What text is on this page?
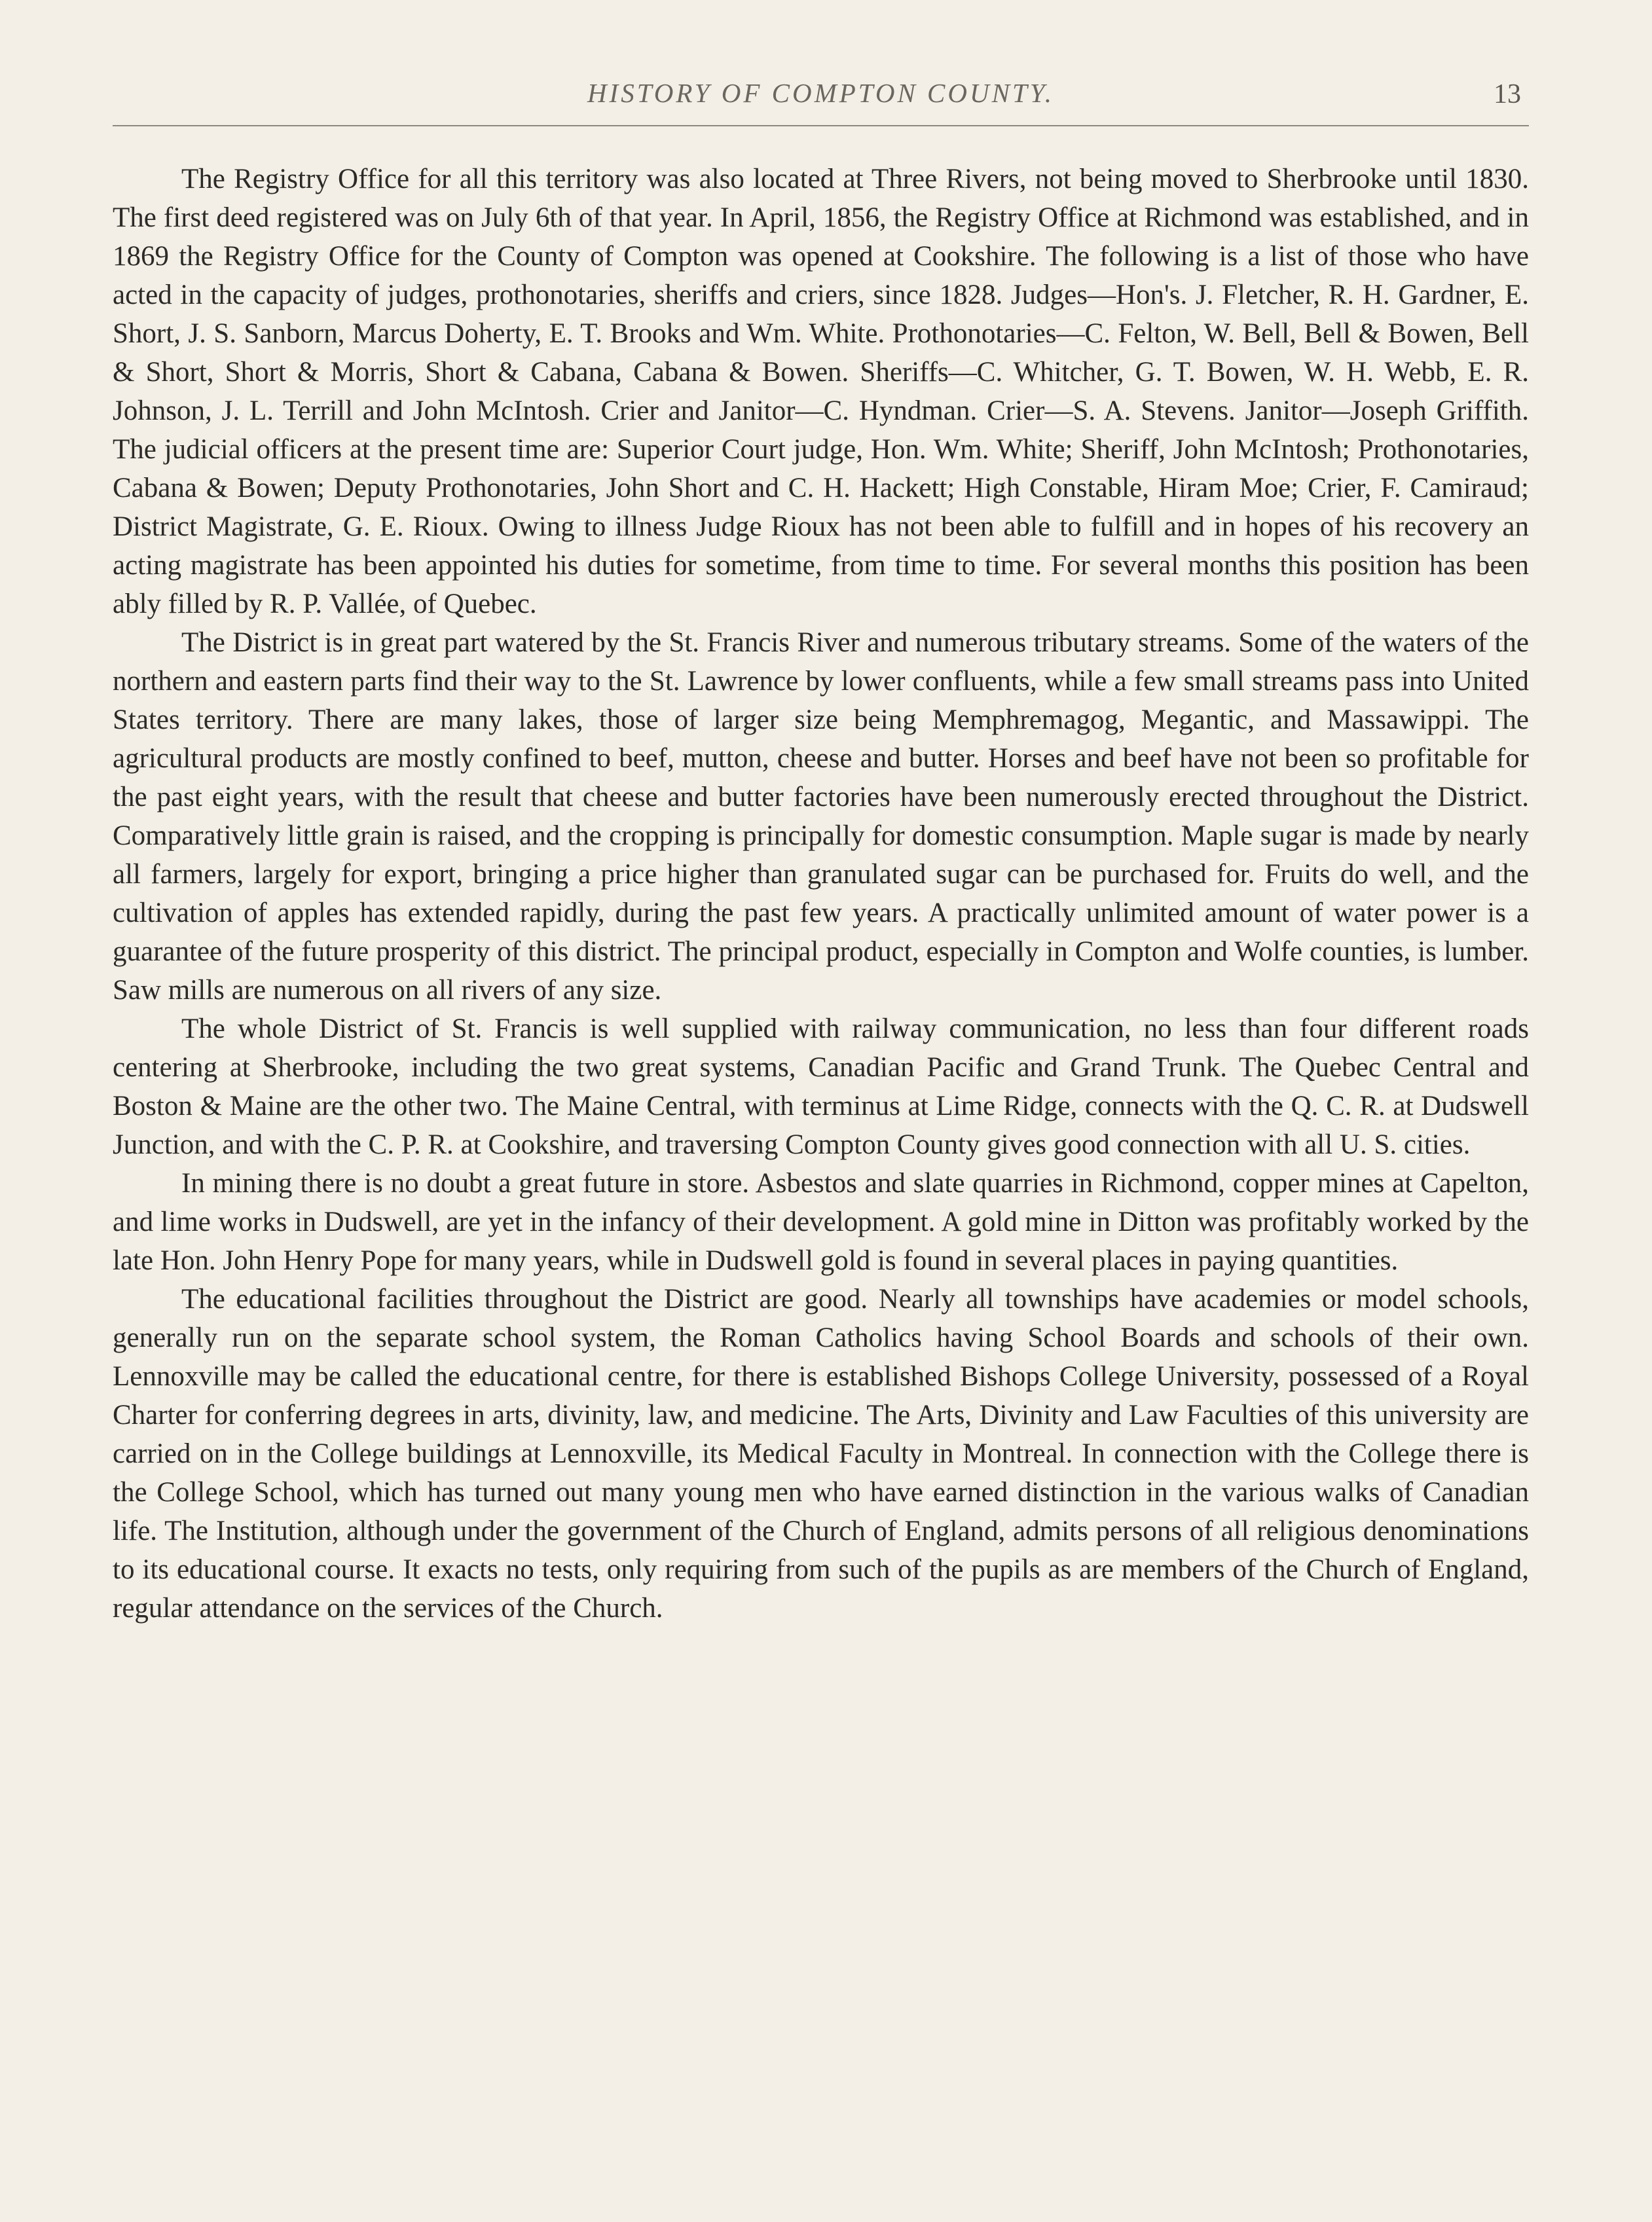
HISTORY OF COMPTON COUNTY.	13

The Registry Office for all this territory was also located at Three Rivers, not being moved to Sherbrooke until 1830. The first deed registered was on July 6th of that year. In April, 1856, the Registry Office at Richmond was established, and in 1869 the Registry Office for the County of Compton was opened at Cookshire. The following is a list of those who have acted in the capacity of judges, prothonotaries, sheriffs and criers, since 1828. Judges—Hon's. J. Fletcher, R. H. Gardner, E. Short, J. S. Sanborn, Marcus Doherty, E. T. Brooks and Wm. White. Prothonotaries—C. Felton, W. Bell, Bell & Bowen, Bell & Short, Short & Morris, Short & Cabana, Cabana & Bowen. Sheriffs—C. Whitcher, G. T. Bowen, W. H. Webb, E. R. Johnson, J. L. Terrill and John McIntosh. Crier and Janitor—C. Hyndman. Crier—S. A. Stevens. Janitor—Joseph Griffith. The judicial officers at the present time are: Superior Court judge, Hon. Wm. White; Sheriff, John McIntosh; Prothonotaries, Cabana & Bowen; Deputy Prothonotaries, John Short and C. H. Hackett; High Constable, Hiram Moe; Crier, F. Camiraud; District Magistrate, G. E. Rioux. Owing to illness Judge Rioux has not been able to fulfill and in hopes of his recovery an acting magistrate has been appointed his duties for sometime, from time to time. For several months this position has been ably filled by R. P. Vallée, of Quebec.

The District is in great part watered by the St. Francis River and numerous tributary streams. Some of the waters of the northern and eastern parts find their way to the St. Lawrence by lower confluents, while a few small streams pass into United States territory. There are many lakes, those of larger size being Memphremagog, Megantic, and Massawippi. The agricultural products are mostly confined to beef, mutton, cheese and butter. Horses and beef have not been so profitable for the past eight years, with the result that cheese and butter factories have been numerously erected throughout the District. Comparatively little grain is raised, and the cropping is principally for domestic consumption. Maple sugar is made by nearly all farmers, largely for export, bringing a price higher than granulated sugar can be purchased for. Fruits do well, and the cultivation of apples has extended rapidly, during the past few years. A practically unlimited amount of water power is a guarantee of the future prosperity of this district. The principal product, especially in Compton and Wolfe counties, is lumber. Saw mills are numerous on all rivers of any size.

The whole District of St. Francis is well supplied with railway communication, no less than four different roads centering at Sherbrooke, including the two great systems, Canadian Pacific and Grand Trunk. The Quebec Central and Boston & Maine are the other two. The Maine Central, with terminus at Lime Ridge, connects with the Q. C. R. at Dudswell Junction, and with the C. P. R. at Cookshire, and traversing Compton County gives good connection with all U. S. cities.

In mining there is no doubt a great future in store. Asbestos and slate quarries in Richmond, copper mines at Capelton, and lime works in Dudswell, are yet in the infancy of their development. A gold mine in Ditton was profitably worked by the late Hon. John Henry Pope for many years, while in Dudswell gold is found in several places in paying quantities.

The educational facilities throughout the District are good. Nearly all townships have academies or model schools, generally run on the separate school system, the Roman Catholics having School Boards and schools of their own. Lennoxville may be called the educational centre, for there is established Bishops College University, possessed of a Royal Charter for conferring degrees in arts, divinity, law, and medicine. The Arts, Divinity and Law Faculties of this university are carried on in the College buildings at Lennoxville, its Medical Faculty in Montreal. In connection with the College there is the College School, which has turned out many young men who have earned distinction in the various walks of Canadian life. The Institution, although under the government of the Church of England, admits persons of all religious denominations to its educational course. It exacts no tests, only requiring from such of the pupils as are members of the Church of England, regular attendance on the services of the Church.
